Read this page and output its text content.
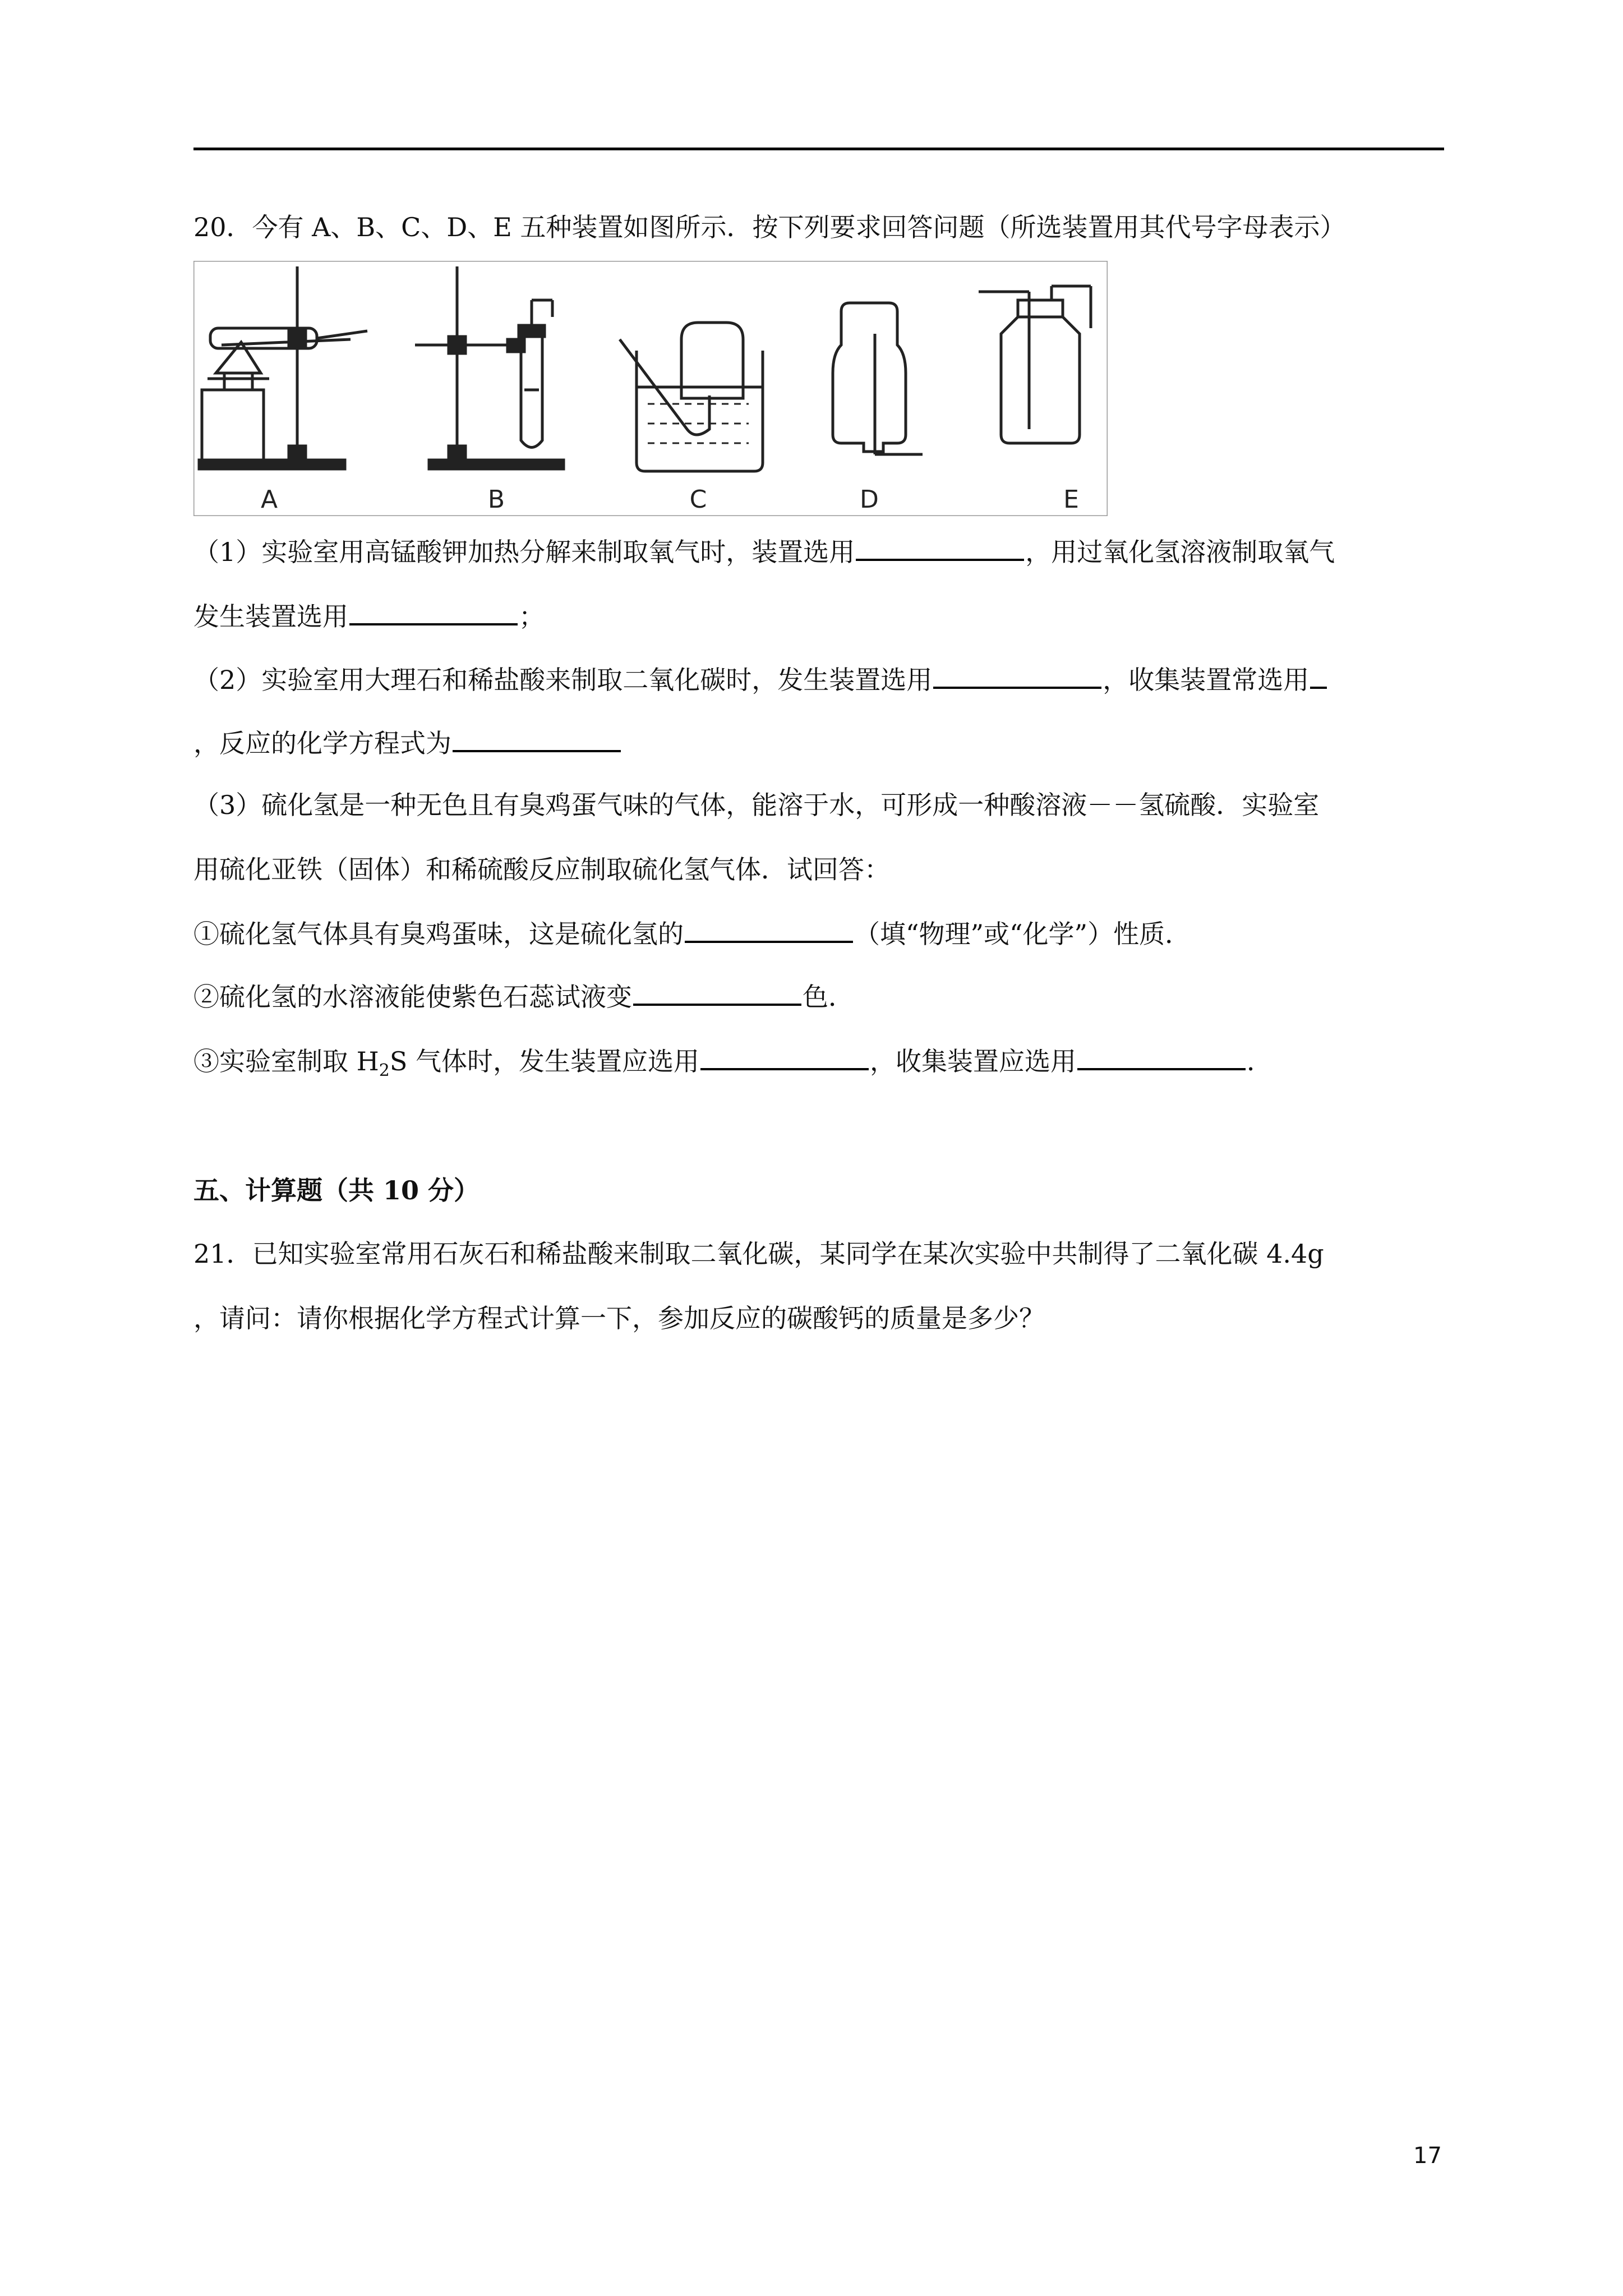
20．今有 A、B、C、D、E 五种装置如图所示．按下列要求回答问题（所选装置用其代号字母表示）
A	B	C	D	E
（1）实验室用高锰酸钾加热分解来制取氧气时，装置选用	，用过氧化氢溶液制取氧气
发生装置选用	；
（2）实验室用大理石和稀盐酸来制取二氧化碳时，发生装置选用	，收集装置常选用
，反应的化学方程式为
（3）硫化氢是一种无色且有臭鸡蛋气味的气体，能溶于水，可形成一种酸溶液－－氢硫酸．实验室
用硫化亚铁（固体）和稀硫酸反应制取硫化氢气体．试回答：
①硫化氢气体具有臭鸡蛋味，这是硫化氢的	（填“物理”或“化学”）性质．
②硫化氢的水溶液能使紫色石蕊试液变	色．
③实验室制取 $H_2S$ 气体时，发生装置应选用	，收集装置应选用	．
五、计算题（共 10 分）
21．已知实验室常用石灰石和稀盐酸来制取二氧化碳，某同学在某次实验中共制得了二氧化碳 4.4g
，请问：请你根据化学方程式计算一下，参加反应的碳酸钙的质量是多少？
17
